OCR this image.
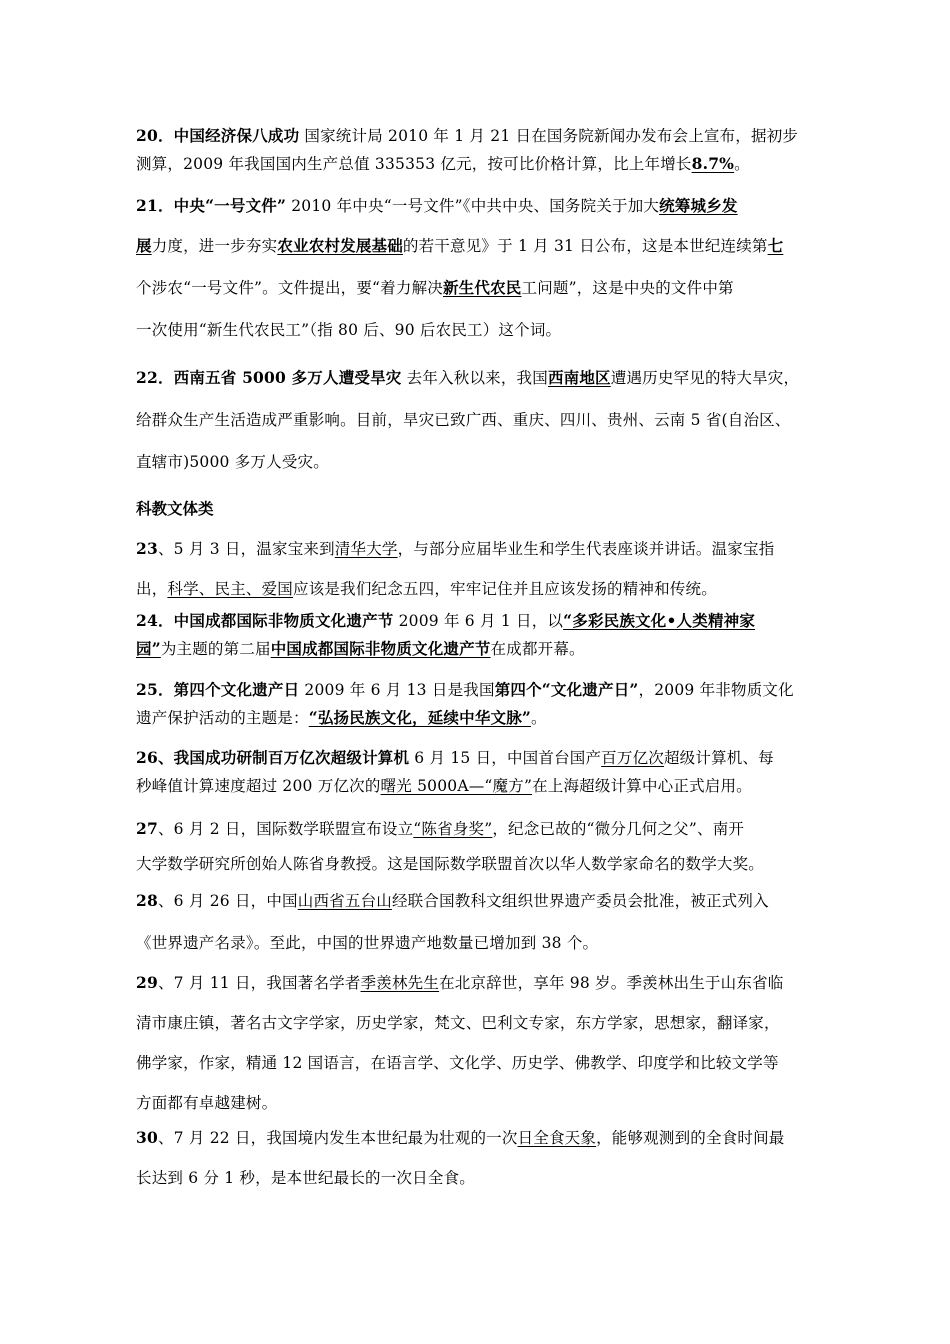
20．中国经济保八成功 国家统计局 2010 年 1 月 21 日在国务院新闻办发布会上宣布，据初步
测算，2009 年我国国内生产总值 335353 亿元，按可比价格计算，比上年增长8.7%。
21．中央“一号文件” 2010 年中央“一号文件”《中共中央、国务院关于加大统筹城乡发
展力度，进一步夯实农业农村发展基础的若干意见》于 1 月 31 日公布，这是本世纪连续第七
个涉农“一号文件”。文件提出，要“着力解决新生代农民工问题”，这是中央的文件中第
一次使用“新生代农民工”（指 80 后、90 后农民工）这个词。
22．西南五省 5000 多万人遭受旱灾 去年入秋以来，我国西南地区遭遇历史罕见的特大旱灾，
给群众生产生活造成严重影响。目前，旱灾已致广西、重庆、四川、贵州、云南 5 省(自治区、
直辖市)5000 多万人受灾。
科教文体类
23、5 月 3 日，温家宝来到清华大学，与部分应届毕业生和学生代表座谈并讲话。温家宝指
出，科学、民主、爱国应该是我们纪念五四，牢牢记住并且应该发扬的精神和传统。
24．中国成都国际非物质文化遗产节 2009 年 6 月 1 日，以“多彩民族文化•人类精神家
园”为主题的第二届中国成都国际非物质文化遗产节在成都开幕。
25．第四个文化遗产日 2009 年 6 月 13 日是我国第四个“文化遗产日”，2009 年非物质文化
遗产保护活动的主题是：“弘扬民族文化，延续中华文脉”。
26、我国成功研制百万亿次超级计算机 6 月 15 日，中国首台国产百万亿次超级计算机、每
秒峰值计算速度超过 200 万亿次的曙光 5000A—“魔方”在上海超级计算中心正式启用。
27、6 月 2 日，国际数学联盟宣布设立“陈省身奖”，纪念已故的“微分几何之父”、南开
大学数学研究所创始人陈省身教授。这是国际数学联盟首次以华人数学家命名的数学大奖。
28、6 月 26 日，中国山西省五台山经联合国教科文组织世界遗产委员会批准，被正式列入
《世界遗产名录》。至此，中国的世界遗产地数量已增加到 38 个。
29、7 月 11 日，我国著名学者季羡林先生在北京辞世，享年 98 岁。季羡林出生于山东省临
清市康庄镇，著名古文字学家，历史学家，梵文、巴利文专家，东方学家，思想家，翻译家，
佛学家，作家，精通 12 国语言，在语言学、文化学、历史学、佛教学、印度学和比较文学等
方面都有卓越建树。
30、7 月 22 日，我国境内发生本世纪最为壮观的一次日全食天象，能够观测到的全食时间最
长达到 6 分 1 秒，是本世纪最长的一次日全食。
